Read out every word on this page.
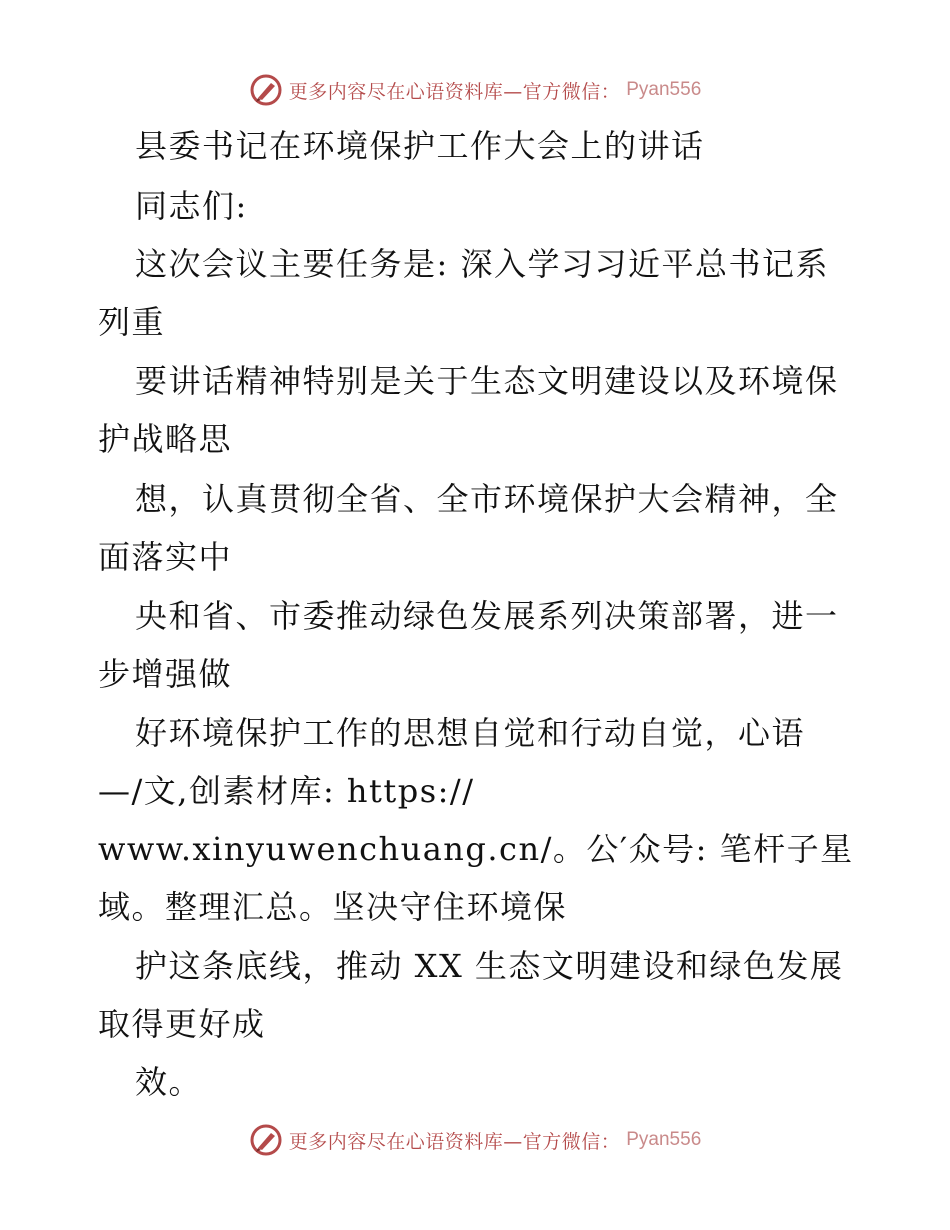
更多内容尽在心语资料库—官方微信： Pyan556
县委书记在环境保护工作大会上的讲话
同志们:
这次会议主要任务是: 深入学习习近平总书记系
列重
要讲话精神特别是关于生态文明建设以及环境保
护战略思
想，认真贯彻全省、全市环境保护大会精神，全
面落实中
央和省、市委推动绿色发展系列决策部署，进一
步增强做
好环境保护工作的思想自觉和行动自觉，心语
—/文,创素材库: https://
www.xinyuwenchuang.cn/。公′众号: 笔杆子星
域。整理汇总。坚决守住环境保
护这条底线，推动 XX 生态文明建设和绿色发展
取得更好成
效。
更多内容尽在心语资料库—官方微信： Pyan556
